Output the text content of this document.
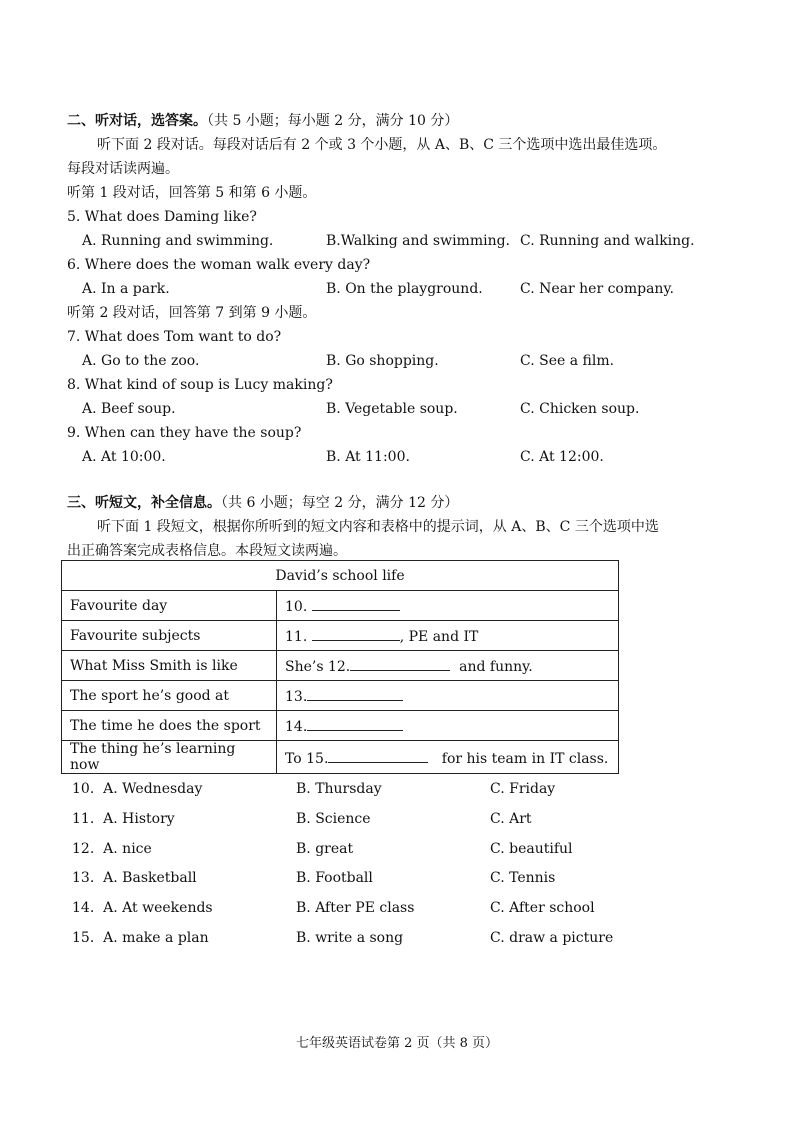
二、听对话，选答案。（共 5 小题；每小题 2 分，满分 10 分）
听下面 2 段对话。每段对话后有 2 个或 3 个小题，从 A、B、C 三个选项中选出最佳选项。
每段对话读两遍。
听第 1 段对话，回答第 5 和第 6 小题。
5. What does Daming like?
A. Running and swimming.	B.Walking and swimming. C. Running and walking.
6. Where does the woman walk every day?
A. In a park.	B. On the playground.	C. Near her company.
听第 2 段对话，回答第 7 到第 9 小题。
7. What does Tom want to do?
A. Go to the zoo.	B. Go shopping.	C. See a film.
8. What kind of soup is Lucy making?
A. Beef soup.	B. Vegetable soup.	C. Chicken soup.
9. When can they have the soup?
A. At 10:00.	B. At 11:00.	C. At 12:00.
三、听短文，补全信息。（共 6 小题；每空 2 分，满分 12 分）
听下面 1 段短文，根据你所听到的短文内容和表格中的提示词，从 A、B、C 三个选项中选
出正确答案完成表格信息。本段短文读两遍。
David’s school life	
Favourite day	10.
Favourite subjects	11. , PE and IT
What Miss Smith is like	She’s 12. and funny.
The sport he’s good at	13.
The time he does the sport	14.
The thing he’s learning now	To 15. for his team in IT class.
10. A. Wednesday	B. Thursday	C. Friday
11. A. History	B. Science	C. Art
12. A. nice	B. great	C. beautiful
13. A. Basketball	B. Football	C. Tennis
14. A. At weekends	B. After PE class	C. After school
15. A. make a plan	B. write a song	C. draw a picture
七年级英语试卷第 2 页（共 8 页）
